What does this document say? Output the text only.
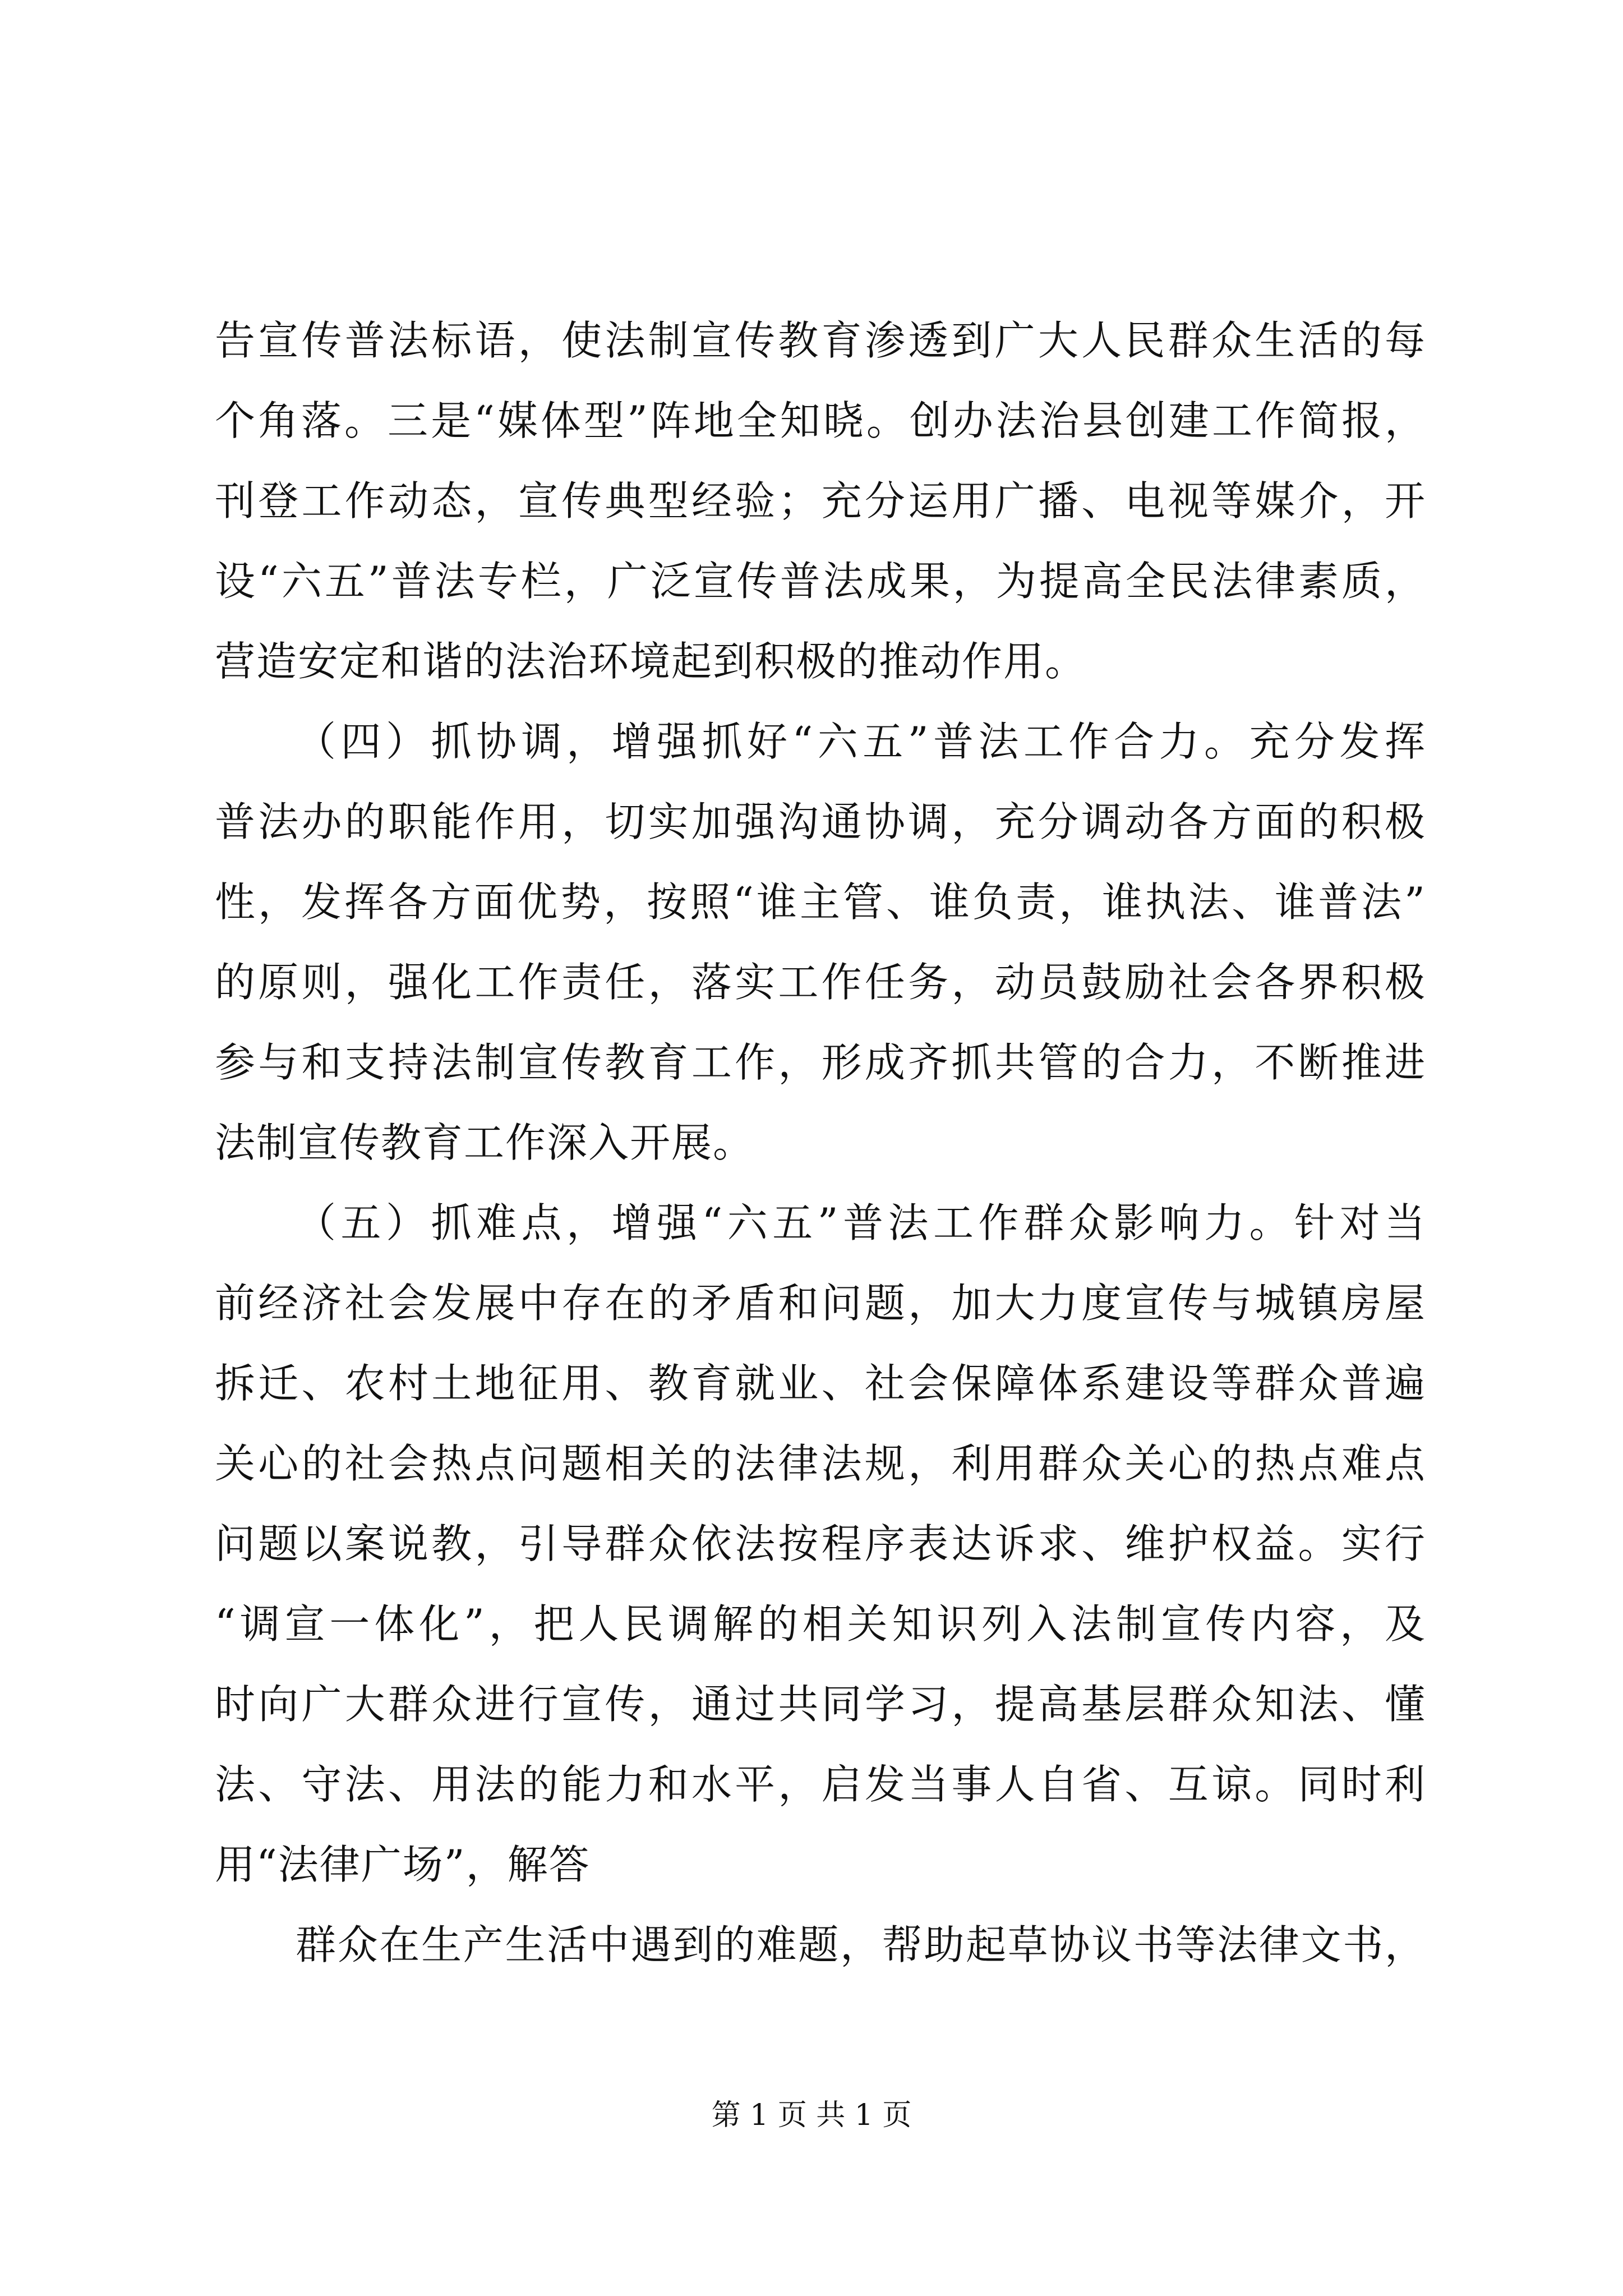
告宣传普法标语，使法制宣传教育渗透到广大人民群众生活的每
个角落。三是“媒体型”阵地全知晓。创办法治县创建工作简报，
刊登工作动态，宣传典型经验；充分运用广播、电视等媒介，开
设“六五”普法专栏，广泛宣传普法成果，为提高全民法律素质，
营造安定和谐的法治环境起到积极的推动作用。
（四）抓协调，增强抓好“六五”普法工作合力。充分发挥
普法办的职能作用，切实加强沟通协调，充分调动各方面的积极
性，发挥各方面优势，按照“谁主管、谁负责，谁执法、谁普法”
的原则，强化工作责任，落实工作任务，动员鼓励社会各界积极
参与和支持法制宣传教育工作，形成齐抓共管的合力，不断推进
法制宣传教育工作深入开展。
（五）抓难点，增强“六五”普法工作群众影响力。针对当
前经济社会发展中存在的矛盾和问题，加大力度宣传与城镇房屋
拆迁、农村土地征用、教育就业、社会保障体系建设等群众普遍
关心的社会热点问题相关的法律法规，利用群众关心的热点难点
问题以案说教，引导群众依法按程序表达诉求、维护权益。实行
“调宣一体化”，把人民调解的相关知识列入法制宣传内容，及
时向广大群众进行宣传，通过共同学习，提高基层群众知法、懂
法、守法、用法的能力和水平，启发当事人自省、互谅。同时利
用“法律广场”，解答
群众在生产生活中遇到的难题，帮助起草协议书等法律文书，
第 1 页 共 1 页
